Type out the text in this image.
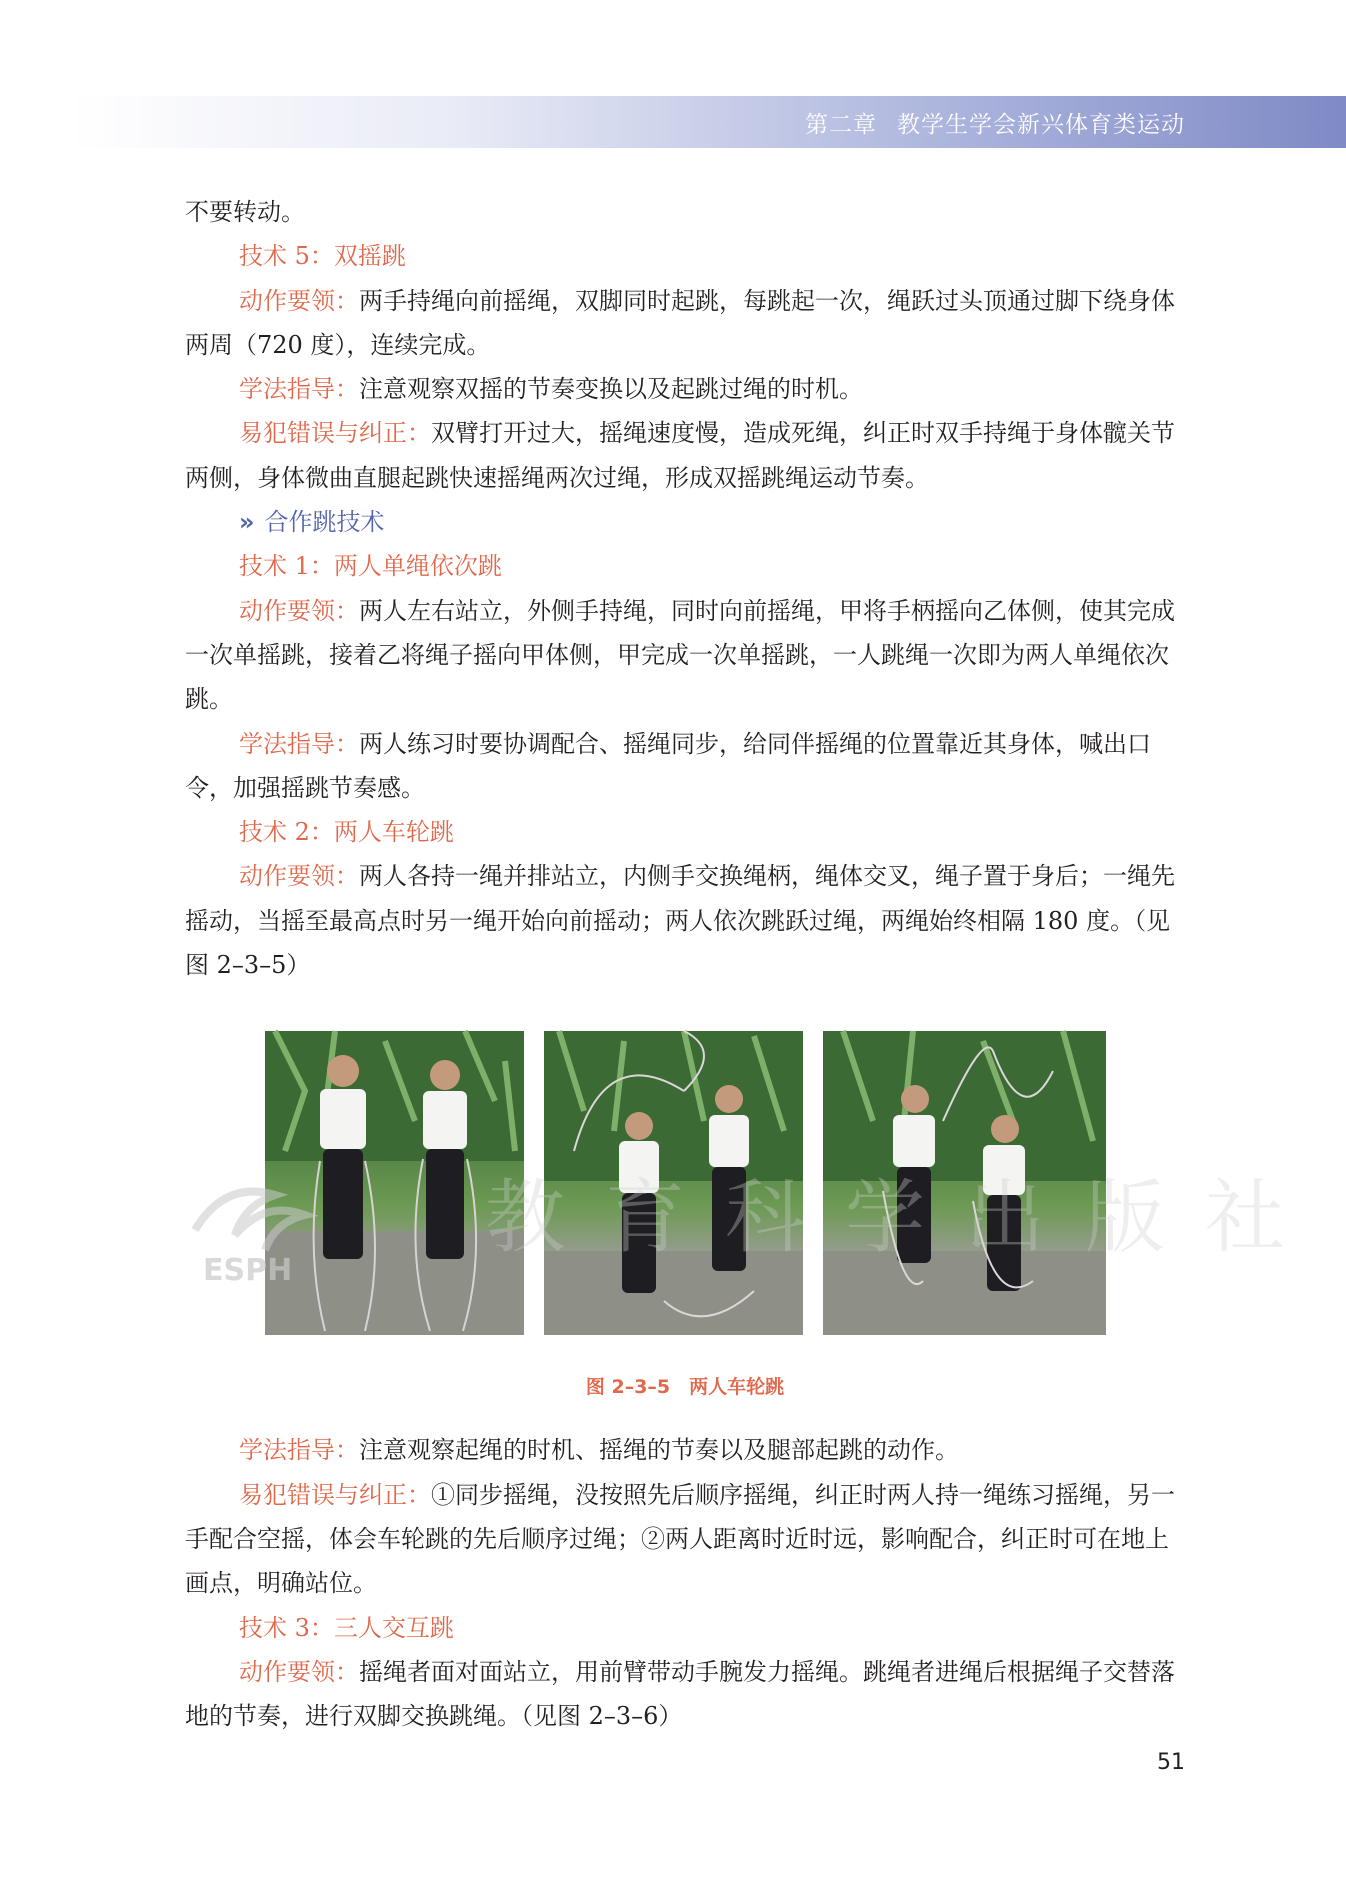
第二章 教学生学会新兴体育类运动

不要转动。

技术 5：双摇跳

动作要领：两手持绳向前摇绳，双脚同时起跳，每跳起一次，绳跃过头顶通过脚下绕身体两周（720 度），连续完成。

学法指导：注意观察双摇的节奏变换以及起跳过绳的时机。

易犯错误与纠正：双臂打开过大，摇绳速度慢，造成死绳，纠正时双手持绳于身体髋关节两侧，身体微曲直腿起跳快速摇绳两次过绳，形成双摇跳绳运动节奏。

» 合作跳技术

技术 1：两人单绳依次跳

动作要领：两人左右站立，外侧手持绳，同时向前摇绳，甲将手柄摇向乙体侧，使其完成一次单摇跳，接着乙将绳子摇向甲体侧，甲完成一次单摇跳，一人跳绳一次即为两人单绳依次跳。

学法指导：两人练习时要协调配合、摇绳同步，给同伴摇绳的位置靠近其身体，喊出口令，加强摇跳节奏感。

技术 2：两人车轮跳

动作要领：两人各持一绳并排站立，内侧手交换绳柄，绳体交叉，绳子置于身后；一绳先摇动，当摇至最高点时另一绳开始向前摇动；两人依次跳跃过绳，两绳始终相隔 180 度。（见图 2–3–5）

图 2–3–5　两人车轮跳

学法指导：注意观察起绳的时机、摇绳的节奏以及腿部起跳的动作。

易犯错误与纠正：①同步摇绳，没按照先后顺序摇绳，纠正时两人持一绳练习摇绳，另一手配合空摇，体会车轮跳的先后顺序过绳；②两人距离时近时远，影响配合，纠正时可在地上画点，明确站位。

技术 3：三人交互跳

动作要领：摇绳者面对面站立，用前臂带动手腕发力摇绳。跳绳者进绳后根据绳子交替落地的节奏，进行双脚交换跳绳。（见图 2–3–6）

ESPH
教育科学出版社
51
